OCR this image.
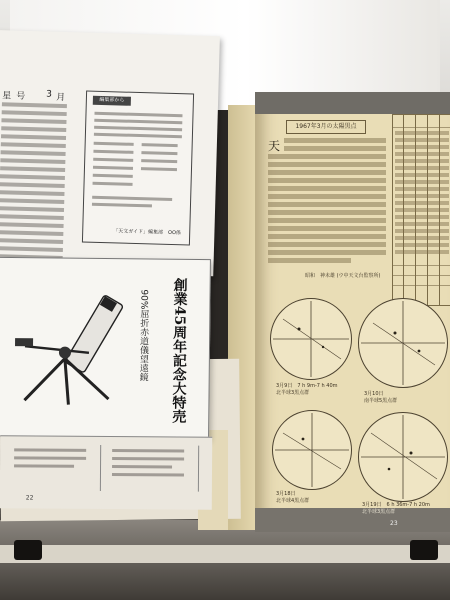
1967年3月の太陽黒点
天
昭和　神未雄 (ウ中天文台監察所)
3月9日　7 h 9m-7 h 40m
北半球3黒点群	3月10日
南半球5黒点群
3月18日
北半球4黒点群
3月19日　6 h 36m-7 h 20m
北半球3黒点群
23
星 号 3 月	編集部から
「天文ガイド」編集部　OO係
90%屈折赤道儀望遠鏡	創業45周年記念大特売
22
